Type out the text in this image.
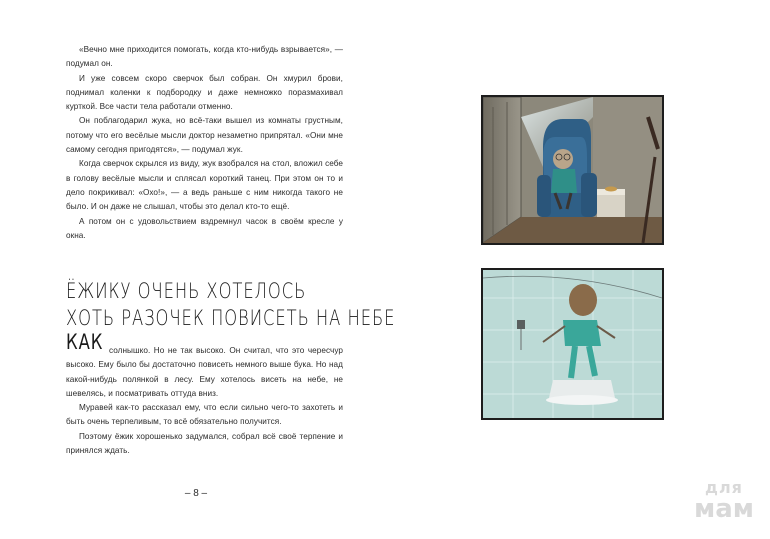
«Вечно мне приходится помогать, когда кто-нибудь взрывается», — подумал он.

И уже совсем скоро сверчок был собран. Он хмурил брови, поднимал коленки к подбородку и даже немножко поразмахивал курткой. Все части тела работали отменно.

Он поблагодарил жука, но всё-таки вышел из комнаты грустным, потому что его весёлые мысли доктор незаметно припрятал. «Они мне самому сегодня пригодятся», — подумал жук.

Когда сверчок скрылся из виду, жук взобрался на стол, вложил себе в голову весёлые мысли и сплясал короткий танец. При этом он то и дело покрикивал: «Охо!», — а ведь раньше с ним никогда такого не было. И он даже не слышал, чтобы это делал кто-то ещё.

А потом он с удовольствием вздремнул часок в своём кресле у окна.

ЁЖИКУ ОЧЕНЬ ХОТЕЛОСЬ
ХОТЬ РАЗОЧЕК ПОВИСЕТЬ НА НЕБЕ
КАК солнышко. Но не так высоко. Он считал, что это чересчур высоко. Ему было бы достаточно повисеть немного выше бука. Но над какой-нибудь полянкой в лесу. Ему хотелось висеть на небе, не шевелясь, и посматривать оттуда вниз.

Муравей как-то рассказал ему, что если сильно чего-то захотеть и быть очень терпеливым, то всё обязательно получится.

Поэтому ёжик хорошенько задумался, собрал всё своё терпение и принялся ждать.

– 8 –	для
мам
